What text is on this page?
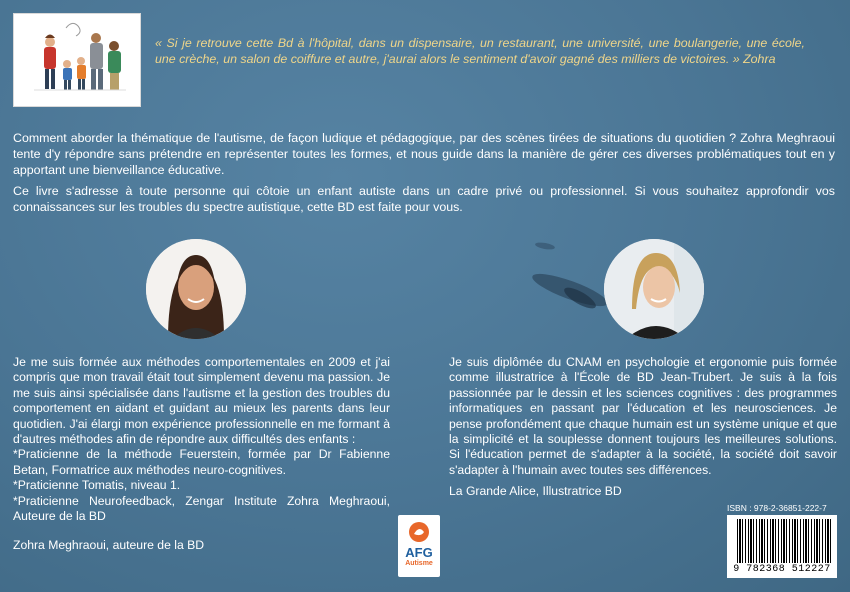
« Si je retrouve cette Bd à l'hôpital, dans un dispensaire, un restaurant, une université, une boulangerie, une école, une crèche, un salon de coiffure et autre, j'aurai alors le sentiment d'avoir gagné des milliers de victoires. » Zohra
Comment aborder la thématique de l'autisme, de façon ludique et pédagogique, par des scènes tirées de situations du quotidien ? Zohra Meghraoui tente d'y répondre sans prétendre en représenter toutes les formes, et nous guide dans la manière de gérer ces diverses problématiques tout en y apportant une bienveillance éducative.
Ce livre s'adresse à toute personne qui côtoie un enfant autiste dans un cadre privé ou professionnel. Si vous souhaitez approfondir vos connaissances sur les troubles du spectre autistique, cette BD est faite pour vous.

Je me suis formée aux méthodes comportementales en 2009 et j'ai compris que mon travail était tout simplement devenu ma passion. Je me suis ainsi spécialisée dans l'autisme et la gestion des troubles du comportement en aidant et guidant au mieux les parents dans leur quotidien. J'ai élargi mon expérience professionnelle en me formant à d'autres méthodes afin de répondre aux difficultés des enfants :

*Praticienne de la méthode Feuerstein, formée par Dr Fabienne Betan, Formatrice aux méthodes neuro-cognitives.

*Praticienne Tomatis, niveau 1.

*Praticienne Neurofeedback, Zengar Institute Zohra Meghraoui, Auteure de la BD

Zohra Meghraoui, auteure de la BD
Je suis diplômée du CNAM en psychologie et ergonomie puis formée comme illustratrice à l'École de BD Jean-Trubert. Je suis à la fois passionnée par le dessin et les sciences cognitives : des programmes informatiques en passant par l'éducation et les neurosciences. Je pense profondément que chaque humain est un système unique et que la simplicité et la souplesse donnent toujours les meilleures solutions. Si l'éducation permet de s'adapter à la société, la société doit savoir s'adapter à l'humain avec toutes ses différences.
La Grande Alice, Illustratrice BD
AFG
Autisme
ISBN : 978-2-36851-222-7
9 782368 512227
